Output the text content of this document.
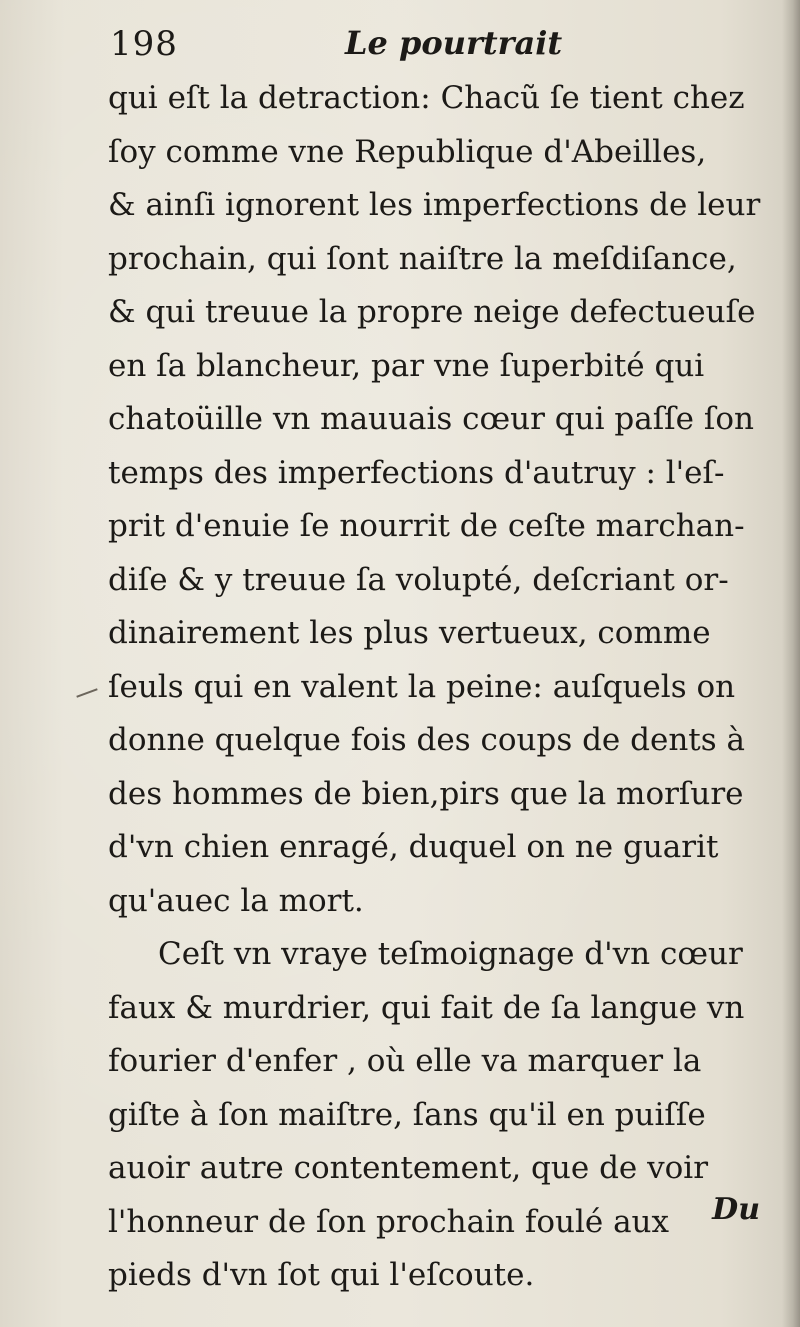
198	Le pourtrait
qui eſt la detraction: Chacũ ſe tient chez
ſoy comme vne Republique d'Abeilles,
& ainſi ignorent les imperfections de leur
prochain, qui ſont naiſtre la meſdiſance,
& qui treuue la propre neige defectueuſe
en ſa blancheur, par vne ſuperbité qui
chatoüille vn mauuais cœur qui paſſe ſon
temps des imperfections d'autruy : l'eſ-
prit d'enuie ſe nourrit de ceſte marchan-
diſe & y treuue ſa volupté, deſcriant or-
dinairement les plus vertueux, comme
ſeuls qui en valent la peine: auſquels on
donne quelque fois des coups de dents à
des hommes de bien,pirs que la morſure
d'vn chien enragé, duquel on ne guarit
qu'auec la mort.
Ceſt vn vraye teſmoignage d'vn cœur
faux & murdrier, qui fait de ſa langue vn
fourier d'enfer , où elle va marquer la
giſte à ſon maiſtre, ſans qu'il en puiſſe
auoir autre contentement, que de voir
l'honneur de ſon prochain foulé aux
pieds d'vn ſot qui l'eſcoute.
Du
